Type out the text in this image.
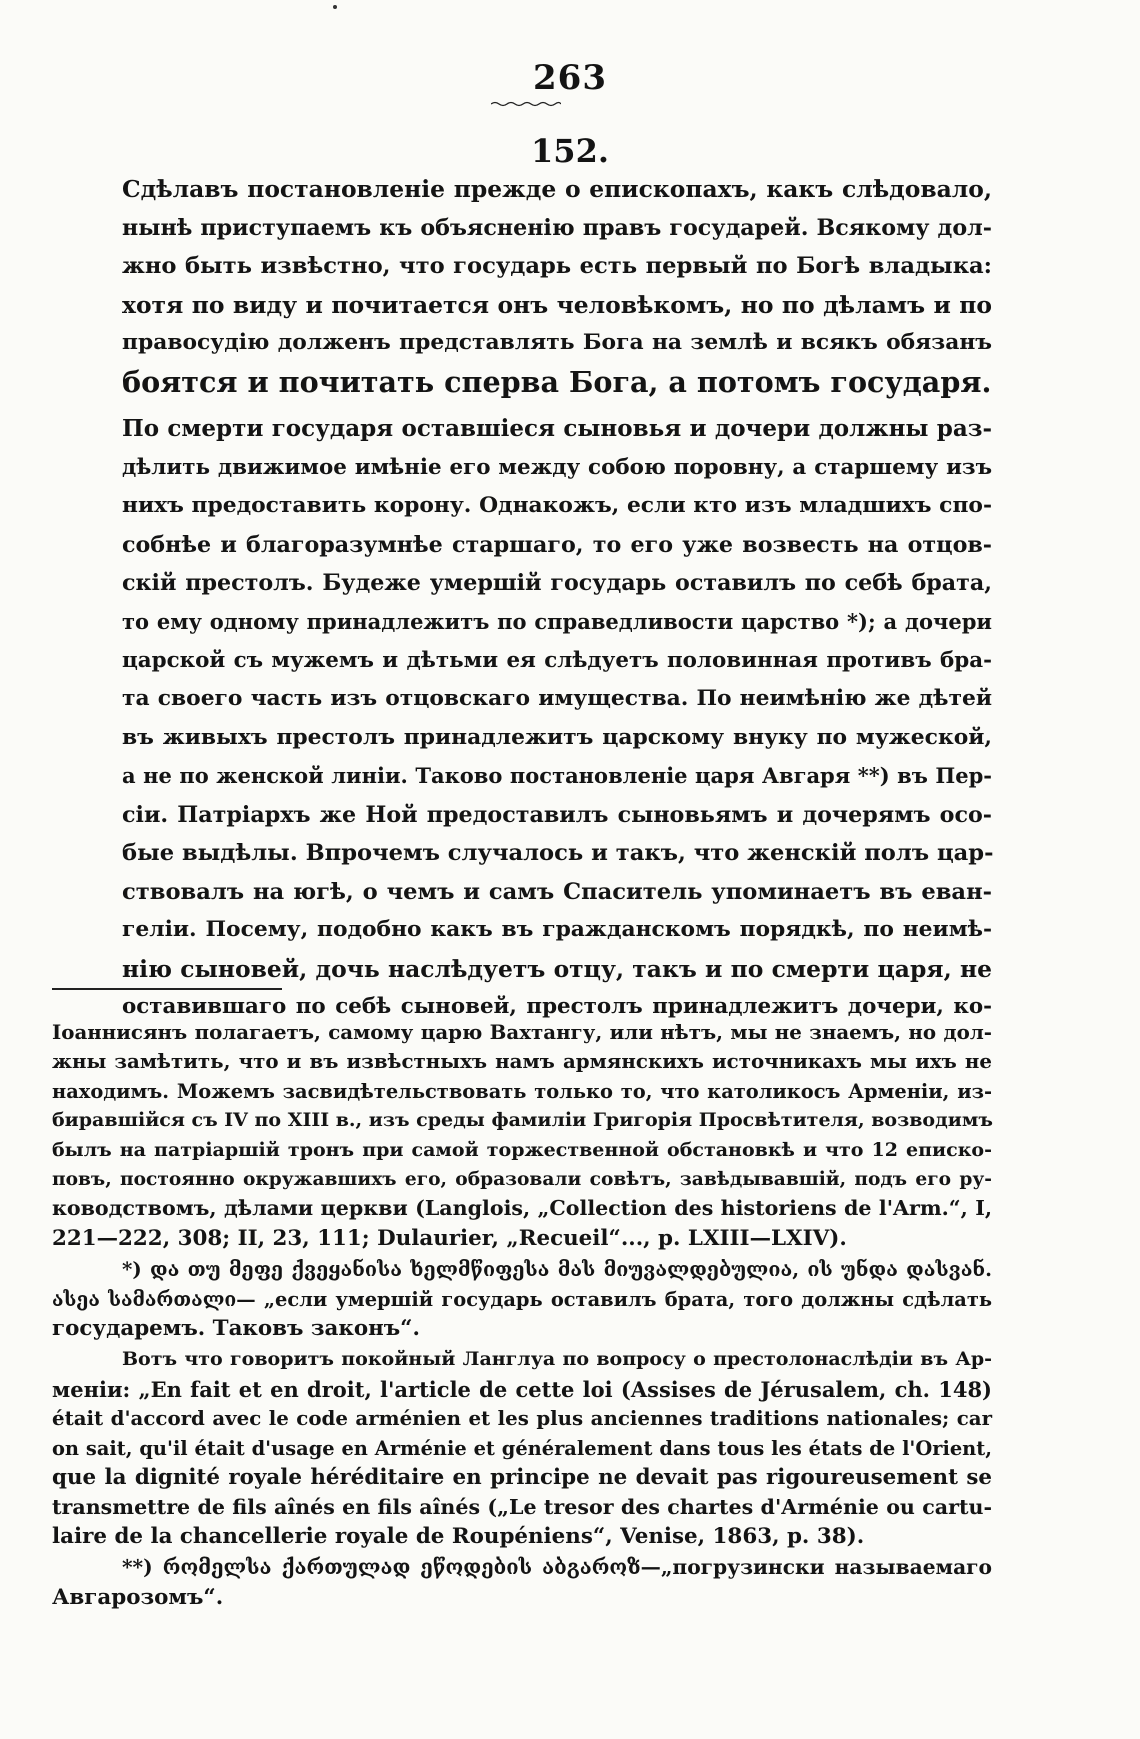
263
152.

Сдѣлавъ постановленіе прежде о епископахъ, какъ слѣдовало,
нынѣ приступаемъ къ объясненію правъ государей. Всякому дол-
жно быть извѣстно, что государь есть первый по Богѣ владыка:
хотя по виду и почитается онъ человѣкомъ, но по дѣламъ и по
правосудію долженъ представлять Бога на землѣ и всякъ обязанъ
боятся и почитать сперва Бога, а потомъ государя.

По смерти государя оставшіеся сыновья и дочери должны раз-
дѣлить движимое имѣніе его между собою поровну, а старшему изъ
нихъ предоставить корону. Однакожъ, если кто изъ младшихъ спо-
собнѣе и благоразумнѣе старшаго, то его уже возвесть на отцов-
скій престолъ. Будеже умершій государь оставилъ по себѣ брата,
то ему одному принадлежитъ по справедливости царство *); а дочери
царской съ мужемъ и дѣтьми ея слѣдуетъ половинная противъ бра-
та своего часть изъ отцовскаго имущества. По неимѣнію же дѣтей
въ живыхъ престолъ принадлежитъ царскому внуку по мужеской,
а не по женской линіи. Таково постановленіе царя Авгаря **) въ Пер-
сіи. Патріархъ же Ной предоставилъ сыновьямъ и дочерямъ осо-
бые выдѣлы. Впрочемъ случалось и такъ, что женскій полъ цар-
ствовалъ на югѣ, о чемъ и самъ Спаситель упоминаетъ въ еван-
геліи. Посему, подобно какъ въ гражданскомъ порядкѣ, по неимѣ-
нію сыновей, дочь наслѣдуетъ отцу, такъ и по смерти царя, не
оставившаго по себѣ сыновей, престолъ принадлежитъ дочери, ко-

Іоаннисянъ полагаетъ, самому царю Вахтангу, или нѣтъ, мы не знаемъ, но дол-
жны замѣтить, что и въ извѣстныхъ намъ армянскихъ источникахъ мы ихъ не
находимъ. Можемъ засвидѣтельствовать только то, что католикосъ Арменіи, из-
биравшійся съ IV по XIII в., изъ среды фамиліи Григорія Просвѣтителя, возводимъ
былъ на патріаршій тронъ при самой торжественной обстановкѣ и что 12 еписко-
повъ, постоянно окружавшихъ его, образовали совѣтъ, завѣдывавшій, подъ его ру-
ководствомъ, дѣлами церкви (Langlois, „Collection des historiens de l'Arm.“, I,
221—222, 308; II, 23, 111; Dulaurier, „Recueil“..., p. LXIII—LXIV).
*) და თუ მეფე ქვეყანისა ხელმწიფესა მას მიუვალდებულია, ის უნდა დასვან.
ასეა სამართალი— „если умершій государь оставилъ брата, того должны сдѣлать
государемъ. Таковъ законъ“.
Вотъ что говоритъ покойный Ланглуа по вопросу о престолонаслѣдіи въ Ар-
меніи: „En fait et en droit, l'article de cette loi (Assises de Jérusalem, ch. 148)
était d'accord avec le code arménien et les plus anciennes traditions nationales; car
on sait, qu'il était d'usage en Arménie et généralement dans tous les états de l'Orient,
que la dignité royale héréditaire en principe ne devait pas rigoureusement se
transmettre de fils aînés en fils aînés („Le tresor des chartes d'Arménie ou cartu-
laire de la chancellerie royale de Roupéniens“, Venise, 1863, p. 38).
**) რომელსა ქართულად ეწოდების აბგაროზ—„погрузински называемаго
Авгарозомъ“.
